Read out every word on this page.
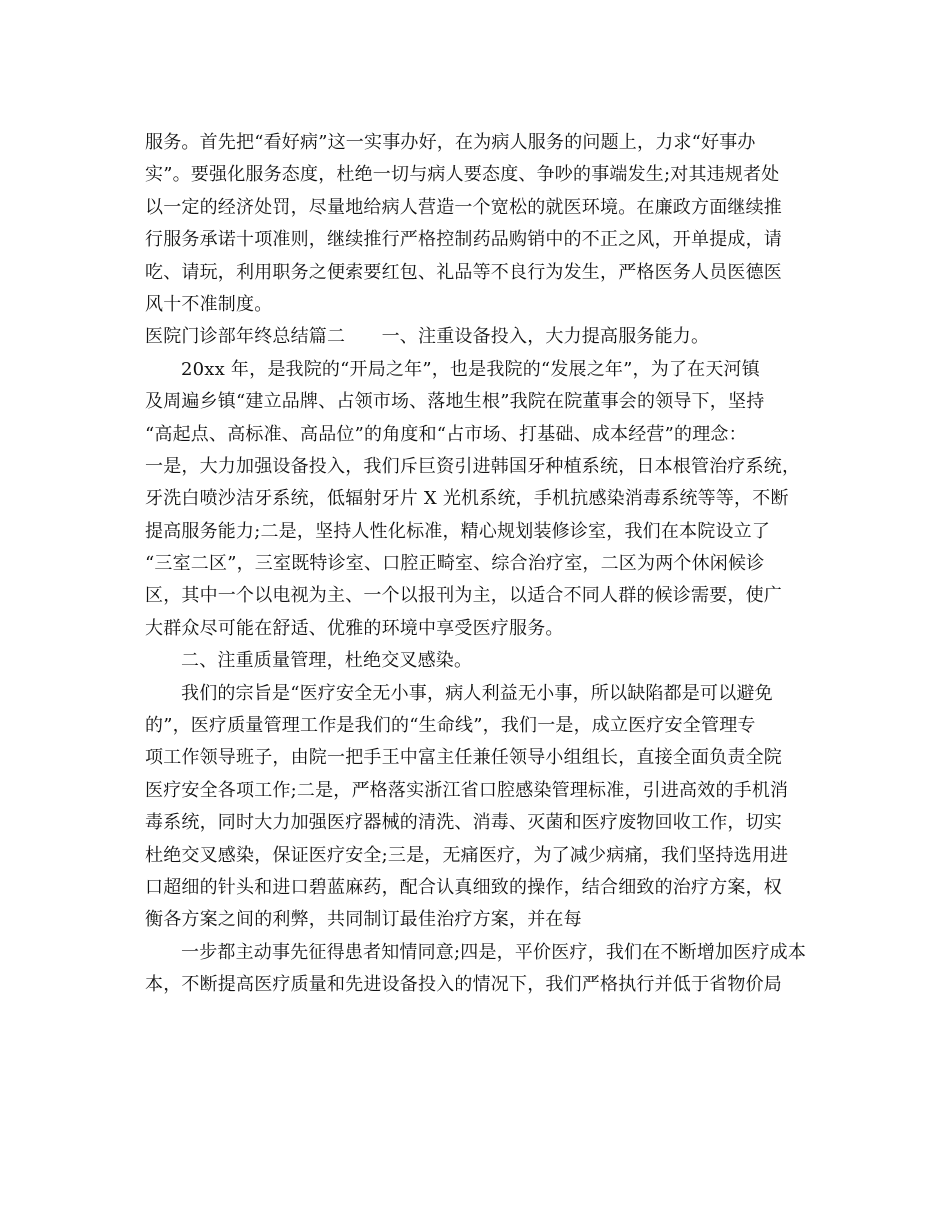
服务。首先把“看好病”这一实事办好，在为病人服务的问题上，力求“好事办
实”。要强化服务态度，杜绝一切与病人要态度、争吵的事端发生;对其违规者处
以一定的经济处罚，尽量地给病人营造一个宽松的就医环境。在廉政方面继续推
行服务承诺十项准则，继续推行严格控制药品购销中的不正之风，开单提成，请
吃、请玩，利用职务之便索要红包、礼品等不良行为发生，严格医务人员医德医
风十不准制度。
医院门诊部年终总结篇二　　一、注重设备投入，大力提高服务能力。
20xx 年，是我院的“开局之年”，也是我院的“发展之年”，为了在天河镇
及周遍乡镇“建立品牌、占领市场、落地生根”我院在院董事会的领导下，坚持
“高起点、高标准、高品位”的角度和“占市场、打基础、成本经营”的理念：
一是，大力加强设备投入，我们斥巨资引进韩国牙种植系统，日本根管治疗系统，
牙洗白喷沙洁牙系统，低辐射牙片 X 光机系统，手机抗感染消毒系统等等，不断
提高服务能力;二是，坚持人性化标准，精心规划装修诊室，我们在本院设立了
“三室二区”，三室既特诊室、口腔正畸室、综合治疗室，二区为两个休闲候诊
区，其中一个以电视为主、一个以报刊为主，以适合不同人群的候诊需要，使广
大群众尽可能在舒适、优雅的环境中享受医疗服务。
二、注重质量管理，杜绝交叉感染。
我们的宗旨是“医疗安全无小事，病人利益无小事，所以缺陷都是可以避免
的”，医疗质量管理工作是我们的“生命线”，我们一是，成立医疗安全管理专
项工作领导班子，由院一把手王中富主任兼任领导小组组长，直接全面负责全院
医疗安全各项工作;二是，严格落实浙江省口腔感染管理标准，引进高效的手机消
毒系统，同时大力加强医疗器械的清洗、消毒、灭菌和医疗废物回收工作，切实
杜绝交叉感染，保证医疗安全;三是，无痛医疗，为了减少病痛，我们坚持选用进
口超细的针头和进口碧蓝麻药，配合认真细致的操作，结合细致的治疗方案，权
衡各方案之间的利弊，共同制订最佳治疗方案，并在每
一步都主动事先征得患者知情同意;四是，平价医疗，我们在不断增加医疗成本
本，不断提高医疗质量和先进设备投入的情况下，我们严格执行并低于省物价局
